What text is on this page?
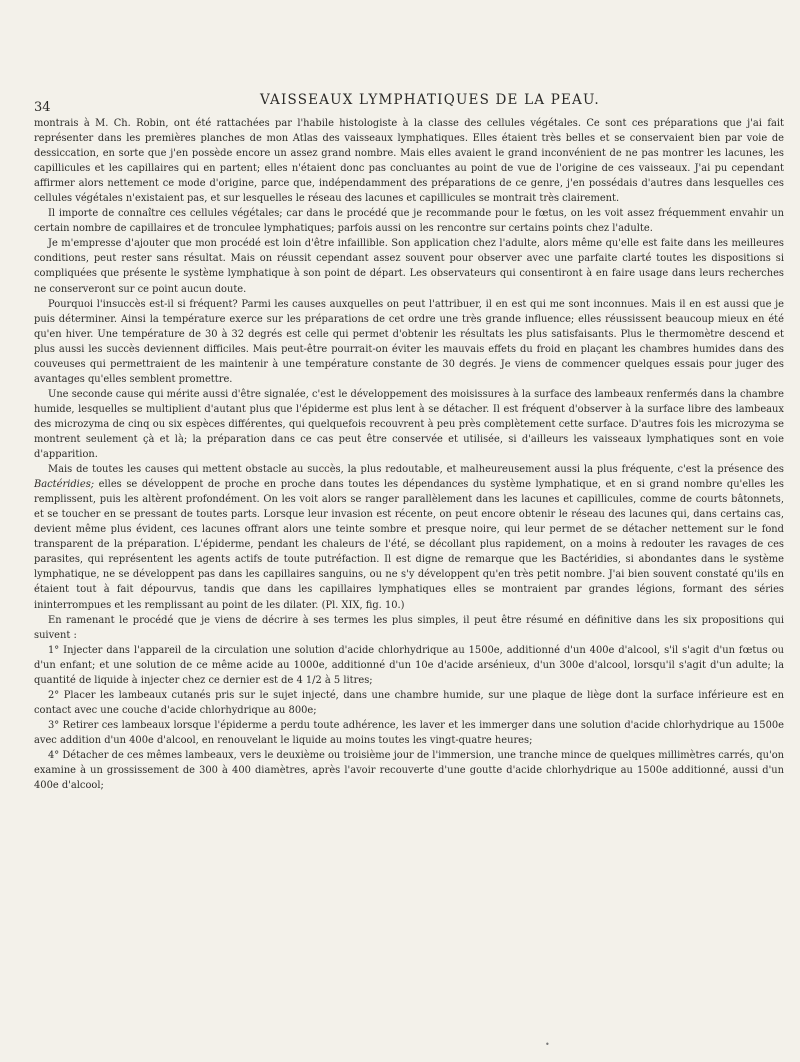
34	VAISSEAUX LYMPHATIQUES DE LA PEAU.

montrais à M. Ch. Robin, ont été rattachées par l'habile histologiste à la classe des cellules végétales. Ce sont ces préparations que j'ai fait représenter dans les premières planches de mon Atlas des vaisseaux lymphatiques. Elles étaient très belles et se conservaient bien par voie de dessiccation, en sorte que j'en possède encore un assez grand nombre. Mais elles avaient le grand inconvénient de ne pas montrer les lacunes, les capillicules et les capillaires qui en partent; elles n'étaient donc pas concluantes au point de vue de l'origine de ces vaisseaux. J'ai pu cependant affirmer alors nettement ce mode d'origine, parce que, indépendamment des préparations de ce genre, j'en possédais d'autres dans lesquelles ces cellules végétales n'existaient pas, et sur lesquelles le réseau des lacunes et capillicules se montrait très clairement.

Il importe de connaître ces cellules végétales; car dans le procédé que je recommande pour le fœtus, on les voit assez fréquemment envahir un certain nombre de capillaires et de tronculee lymphatiques; parfois aussi on les rencontre sur certains points chez l'adulte.

Je m'empresse d'ajouter que mon procédé est loin d'être infaillible. Son application chez l'adulte, alors même qu'elle est faite dans les meilleures conditions, peut rester sans résultat. Mais on réussit cependant assez souvent pour observer avec une parfaite clarté toutes les dispositions si compliquées que présente le système lymphatique à son point de départ. Les observateurs qui consentiront à en faire usage dans leurs recherches ne conserveront sur ce point aucun doute.

Pourquoi l'insuccès est-il si fréquent? Parmi les causes auxquelles on peut l'attribuer, il en est qui me sont inconnues. Mais il en est aussi que je puis déterminer. Ainsi la température exerce sur les préparations de cet ordre une très grande influence; elles réussissent beaucoup mieux en été qu'en hiver. Une température de 30 à 32 degrés est celle qui permet d'obtenir les résultats les plus satisfaisants. Plus le thermomètre descend et plus aussi les succès deviennent difficiles. Mais peut-être pourrait-on éviter les mauvais effets du froid en plaçant les chambres humides dans des couveuses qui permettraient de les maintenir à une température constante de 30 degrés. Je viens de commencer quelques essais pour juger des avantages qu'elles semblent promettre.

Une seconde cause qui mérite aussi d'être signalée, c'est le développement des moisissures à la surface des lambeaux renfermés dans la chambre humide, lesquelles se multiplient d'autant plus que l'épiderme est plus lent à se détacher. Il est fréquent d'observer à la surface libre des lambeaux des microzyma de cinq ou six espèces différentes, qui quelquefois recouvrent à peu près complètement cette surface. D'autres fois les microzyma se montrent seulement çà et là; la préparation dans ce cas peut être conservée et utilisée, si d'ailleurs les vaisseaux lymphatiques sont en voie d'apparition.

Mais de toutes les causes qui mettent obstacle au succès, la plus redoutable, et malheureusement aussi la plus fréquente, c'est la présence des Bactéridies; elles se développent de proche en proche dans toutes les dépendances du système lymphatique, et en si grand nombre qu'elles les remplissent, puis les altèrent profondément. On les voit alors se ranger parallèlement dans les lacunes et capillicules, comme de courts bâtonnets, et se toucher en se pressant de toutes parts. Lorsque leur invasion est récente, on peut encore obtenir le réseau des lacunes qui, dans certains cas, devient même plus évident, ces lacunes offrant alors une teinte sombre et presque noire, qui leur permet de se détacher nettement sur le fond transparent de la préparation. L'épiderme, pendant les chaleurs de l'été, se décollant plus rapidement, on a moins à redouter les ravages de ces parasites, qui représentent les agents actifs de toute putréfaction. Il est digne de remarque que les Bactéridies, si abondantes dans le système lymphatique, ne se développent pas dans les capillaires sanguins, ou ne s'y développent qu'en très petit nombre. J'ai bien souvent constaté qu'ils en étaient tout à fait dépourvus, tandis que dans les capillaires lymphatiques elles se montraient par grandes légions, formant des séries ininterrompues et les remplissant au point de les dilater. (Pl. XIX, fig. 10.)

En ramenant le procédé que je viens de décrire à ses termes les plus simples, il peut être résumé en définitive dans les six propositions qui suivent :

1° Injecter dans l'appareil de la circulation une solution d'acide chlorhydrique au 1500e, additionné d'un 400e d'alcool, s'il s'agit d'un fœtus ou d'un enfant; et une solution de ce même acide au 1000e, additionné d'un 10e d'acide arsénieux, d'un 300e d'alcool, lorsqu'il s'agit d'un adulte; la quantité de liquide à injecter chez ce dernier est de 4 1/2 à 5 litres;

2° Placer les lambeaux cutanés pris sur le sujet injecté, dans une chambre humide, sur une plaque de liège dont la surface inférieure est en contact avec une couche d'acide chlorhydrique au 800e;

3° Retirer ces lambeaux lorsque l'épiderme a perdu toute adhérence, les laver et les immerger dans une solution d'acide chlorhydrique au 1500e avec addition d'un 400e d'alcool, en renouvelant le liquide au moins toutes les vingt-quatre heures;

4° Détacher de ces mêmes lambeaux, vers le deuxième ou troisième jour de l'immersion, une tranche mince de quelques millimètres carrés, qu'on examine à un grossissement de 300 à 400 diamètres, après l'avoir recouverte d'une goutte d'acide chlorhydrique au 1500e additionné, aussi d'un 400e d'alcool;

•
